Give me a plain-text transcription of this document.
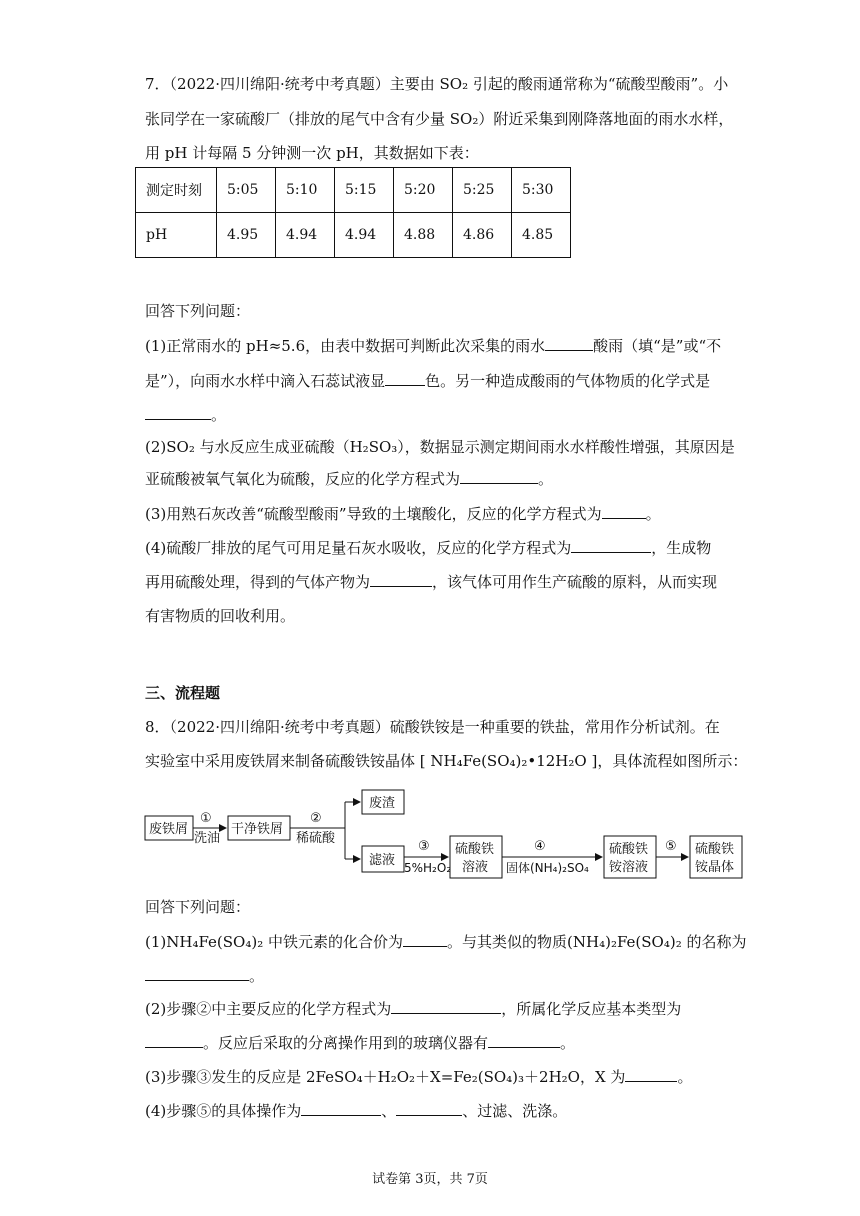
7．（2022·四川绵阳·统考中考真题）主要由 SO₂ 引起的酸雨通常称为“硫酸型酸雨”。小
张同学在一家硫酸厂（排放的尾气中含有少量 SO₂）附近采集到刚降落地面的雨水水样，
用 pH 计每隔 5 分钟测一次 pH，其数据如下表：
测定时刻	5:05	5:10	5:15	5:20	5:25	5:30
pH	4.95	4.94	4.94	4.88	4.86	4.85
回答下列问题：
(1)正常雨水的 pH≈5.6，由表中数据可判断此次采集的雨水	酸雨（填“是”或“不
是”），向雨水水样中滴入石蕊试液显	色。另一种造成酸雨的气体物质的化学式是
。
(2)SO₂ 与水反应生成亚硫酸（H₂SO₃），数据显示测定期间雨水水样酸性增强，其原因是
亚硫酸被氧气氧化为硫酸，反应的化学方程式为	。
(3)用熟石灰改善“硫酸型酸雨”导致的土壤酸化，反应的化学方程式为	。
(4)硫酸厂排放的尾气可用足量石灰水吸收，反应的化学方程式为	，生成物
再用硫酸处理，得到的气体产物为	，该气体可用作生产硫酸的原料，从而实现
有害物质的回收利用。
三、流程题
8．（2022·四川绵阳·统考中考真题）硫酸铁铵是一种重要的铁盐，常用作分析试剂。在
实验室中采用废铁屑来制备硫酸铁铵晶体 [ NH₄Fe(SO₄)₂•12H₂O ]，具体流程如图所示：
废铁屑	干净铁屑
废渣
滤液
硫酸铁
溶液
硫酸铁
铵溶液
硫酸铁
铵晶体
①
洗油
②
稀硫酸
③
5%H₂O₂
④
固体(NH₄)₂SO₄
⑤
回答下列问题：
(1)NH₄Fe(SO₄)₂ 中铁元素的化合价为	。与其类似的物质(NH₄)₂Fe(SO₄)₂ 的名称为
。
(2)步骤②中主要反应的化学方程式为	，所属化学反应基本类型为
。反应后采取的分离操作用到的玻璃仪器有	。
(3)步骤③发生的反应是 2FeSO₄＋H₂O₂＋X=Fe₂(SO₄)₃＋2H₂O，X 为	。
(4)步骤⑤的具体操作为	、	、过滤、洗涤。
试卷第 3页，共 7页
